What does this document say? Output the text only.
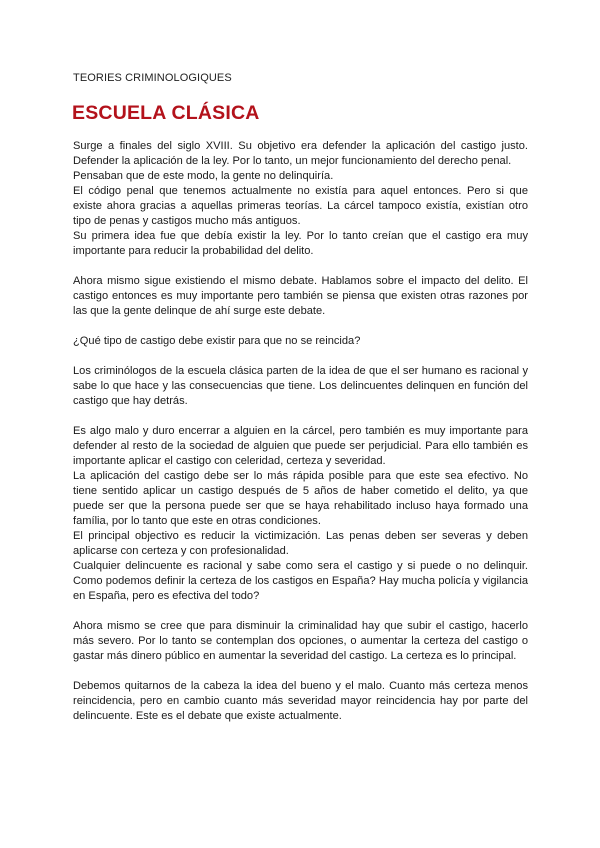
TEORIES CRIMINOLOGIQUES
ESCUELA CLÁSICA

Surge a finales del siglo XVIII. Su objetivo era defender la aplicación del castigo justo. Defender la aplicación de la ley. Por lo tanto, un mejor funcionamiento del derecho penal.

Pensaban que de este modo, la gente no delinquiría.

El código penal que tenemos actualmente no existía para aquel entonces. Pero si que existe ahora gracias a aquellas primeras teorías. La cárcel tampoco existía, existían otro tipo de penas y castigos mucho más antiguos.

Su primera idea fue que debía existir la ley. Por lo tanto creían que el castigo era muy importante para reducir la probabilidad del delito.

Ahora mismo sigue existiendo el mismo debate. Hablamos sobre el impacto del delito. El castigo entonces es muy importante pero también se piensa que existen otras razones por las que la gente delinque de ahí surge este debate.

¿Qué tipo de castigo debe existir para que no se reincida?

Los criminólogos de la escuela clásica parten de la idea de que el ser humano es racional y sabe lo que hace y las consecuencias que tiene. Los delincuentes delinquen en función del castigo que hay detrás.

Es algo malo y duro encerrar a alguien en la cárcel, pero también es muy importante para defender al resto de la sociedad de alguien que puede ser perjudicial. Para ello también es importante aplicar el castigo con celeridad, certeza y severidad.

La aplicación del castigo debe ser lo más rápida posible para que este sea efectivo. No tiene sentido aplicar un castigo después de 5 años de haber cometido el delito, ya que puede ser que la persona puede ser que se haya rehabilitado incluso haya formado una família, por lo tanto que este en otras condiciones.

El principal objectivo es reducir la victimización. Las penas deben ser severas y deben aplicarse con certeza y con profesionalidad.

Cualquier delincuente es racional y sabe como sera el castigo y si puede o no delinquir. Como podemos definir la certeza de los castigos en España? Hay mucha policía y vigilancia en España, pero es efectiva del todo?

Ahora mismo se cree que para disminuir la criminalidad hay que subir el castigo, hacerlo más severo. Por lo tanto se contemplan dos opciones, o aumentar la certeza del castigo o gastar más dinero público en aumentar la severidad del castigo. La certeza es lo principal.

Debemos quitarnos de la cabeza la idea del bueno y el malo. Cuanto más certeza menos reincidencia, pero en cambio cuanto más severidad mayor reincidencia hay por parte del delincuente. Este es el debate que existe actualmente.
